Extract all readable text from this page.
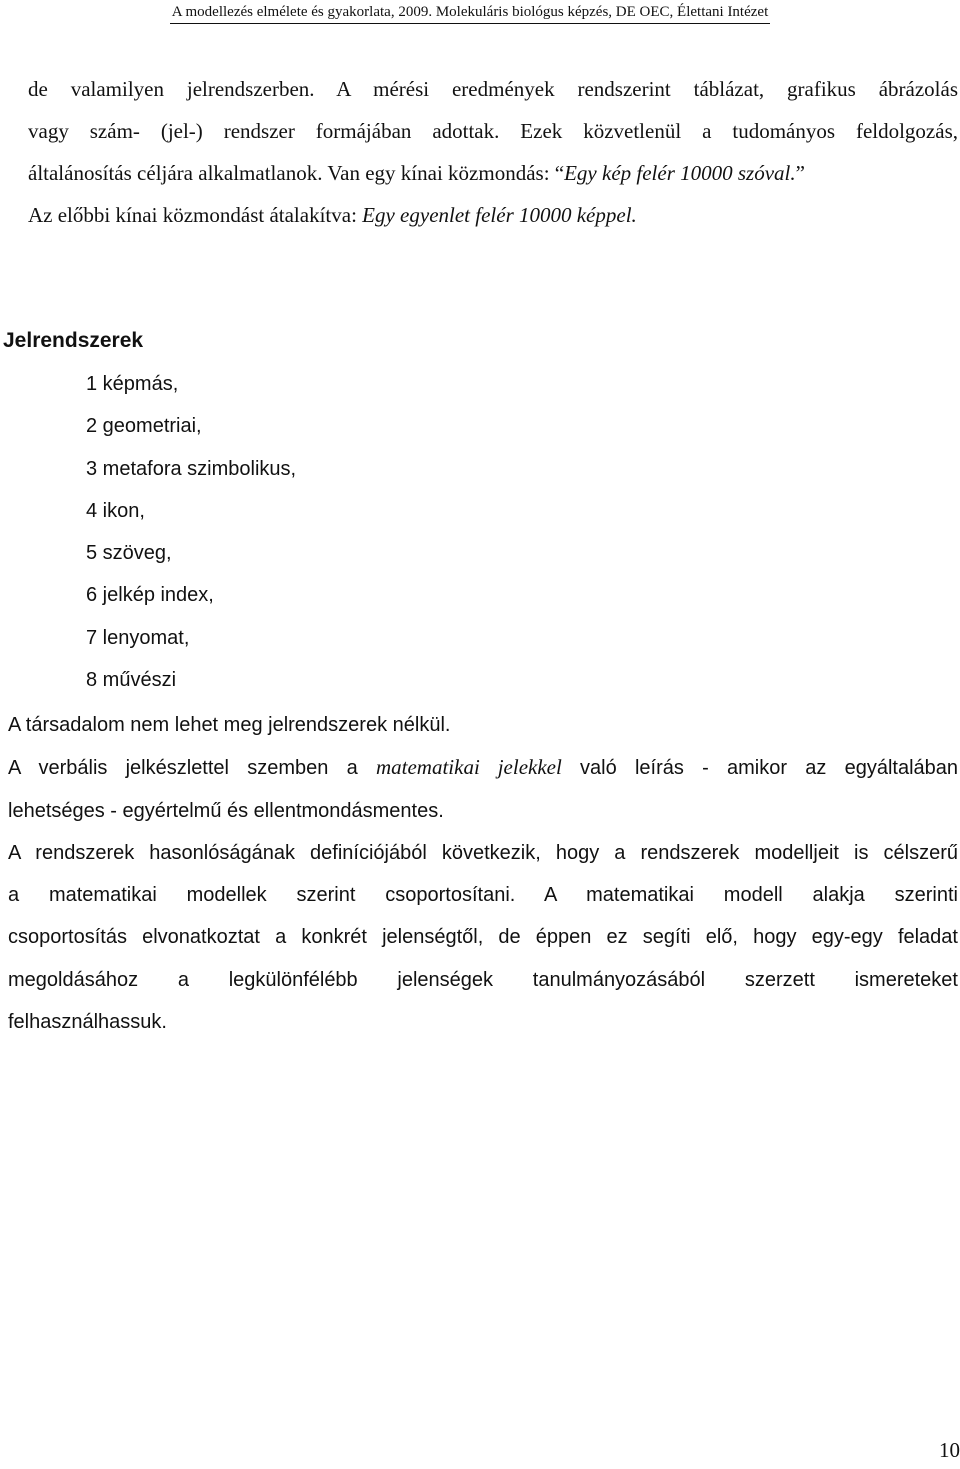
A modellezés elmélete és gyakorlata, 2009. Molekuláris biológus képzés, DE OEC, Élettani Intézet
de valamilyen jelrendszerben. A mérési eredmények rendszerint táblázat, grafikus ábrázolás
vagy szám- (jel-) rendszer formájában adottak. Ezek közvetlenül a tudományos feldolgozás,
általánosítás céljára alkalmatlanok. Van egy kínai közmondás: “Egy kép felér 10000 szóval.”
Az előbbi kínai közmondást átalakítva: Egy egyenlet felér 10000 képpel.
Jelrendszerek
1 képmás,
2 geometriai,
3 metafora szimbolikus,
4 ikon,
5 szöveg,
6 jelkép index,
7 lenyomat,
8 művészi
A társadalom nem lehet meg jelrendszerek nélkül.
A verbális jelkészlettel szemben a matematikai jelekkel való leírás - amikor az egyáltalában
lehetséges - egyértelmű és ellentmondásmentes.
A rendszerek hasonlóságának definíciójából következik, hogy a rendszerek modelljeit is célszerű
a matematikai modellek szerint csoportosítani. A matematikai modell alakja szerinti
csoportosítás elvonatkoztat a konkrét jelenségtől, de éppen ez segíti elő, hogy egy-egy feladat
megoldásához a legkülönfélébb jelenségek tanulmányozásából szerzett ismereteket
felhasználhassuk.
10
